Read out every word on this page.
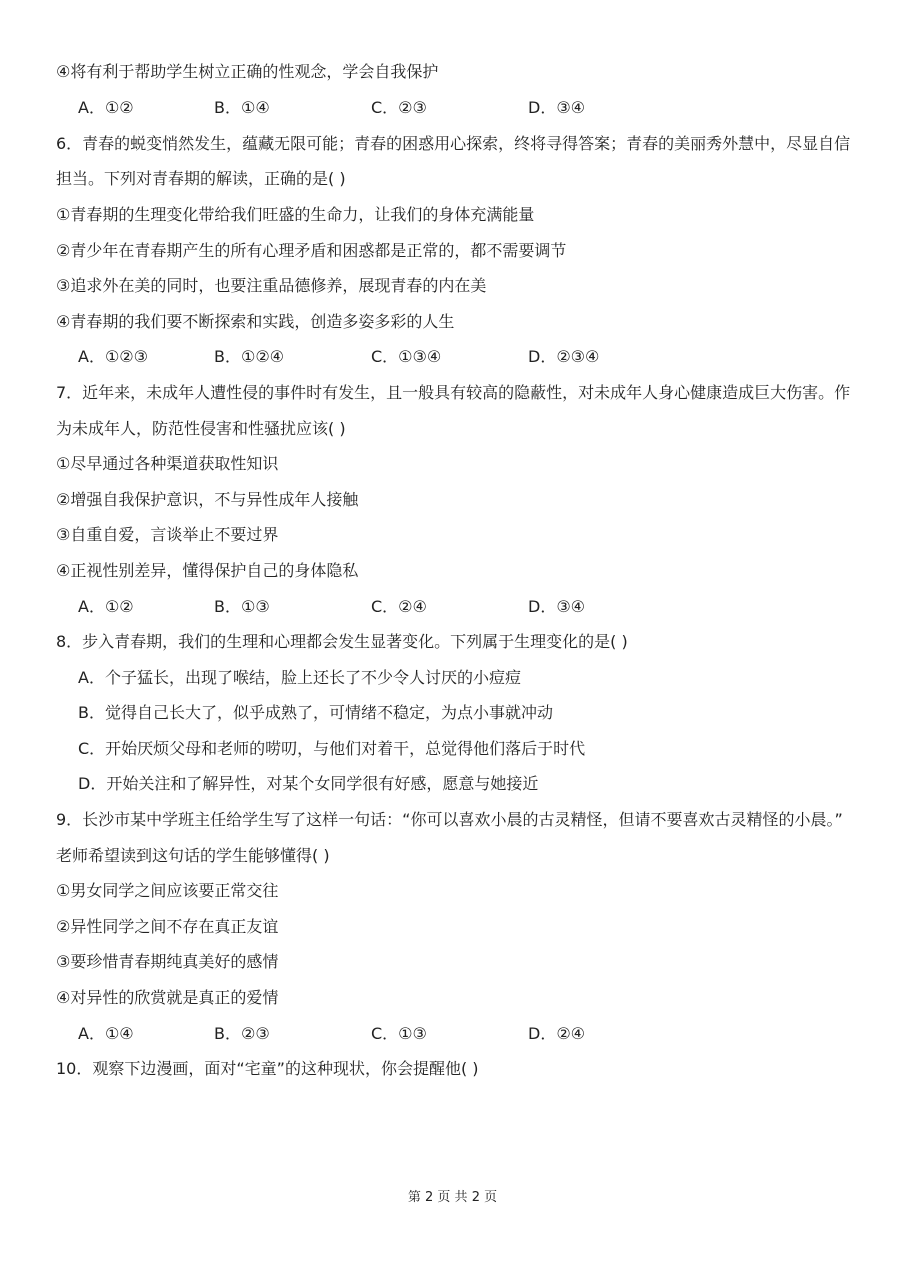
④将有利于帮助学生树立正确的性观念，学会自我保护
A．①②	B．①④	C．②③	D．③④
6．青春的蜕变悄然发生，蕴藏无限可能；青春的困惑用心探索，终将寻得答案；青春的美丽秀外慧中，尽显自信
担当。下列对青春期的解读，正确的是( )
①青春期的生理变化带给我们旺盛的生命力，让我们的身体充满能量
②青少年在青春期产生的所有心理矛盾和困惑都是正常的，都不需要调节
③追求外在美的同时，也要注重品德修养，展现青春的内在美
④青春期的我们要不断探索和实践，创造多姿多彩的人生
A．①②③	B．①②④	C．①③④	D．②③④
7．近年来，未成年人遭性侵的事件时有发生，且一般具有较高的隐蔽性，对未成年人身心健康造成巨大伤害。作
为未成年人，防范性侵害和性骚扰应该( )
①尽早通过各种渠道获取性知识
②增强自我保护意识，不与异性成年人接触
③自重自爱，言谈举止不要过界
④正视性别差异，懂得保护自己的身体隐私
A．①②	B．①③	C．②④	D．③④
8．步入青春期，我们的生理和心理都会发生显著变化。下列属于生理变化的是( )
A．个子猛长，出现了喉结，脸上还长了不少令人讨厌的小痘痘
B．觉得自己长大了，似乎成熟了，可情绪不稳定，为点小事就冲动
C．开始厌烦父母和老师的唠叨，与他们对着干，总觉得他们落后于时代
D．开始关注和了解异性，对某个女同学很有好感，愿意与她接近
9．长沙市某中学班主任给学生写了这样一句话：“你可以喜欢小晨的古灵精怪，但请不要喜欢古灵精怪的小晨。”
老师希望读到这句话的学生能够懂得( )
①男女同学之间应该要正常交往
②异性同学之间不存在真正友谊
③要珍惜青春期纯真美好的感情
④对异性的欣赏就是真正的爱情
A．①④	B．②③	C．①③	D．②④
10．观察下边漫画，面对“宅童”的这种现状，你会提醒他( )
第 2 页 共 2 页
